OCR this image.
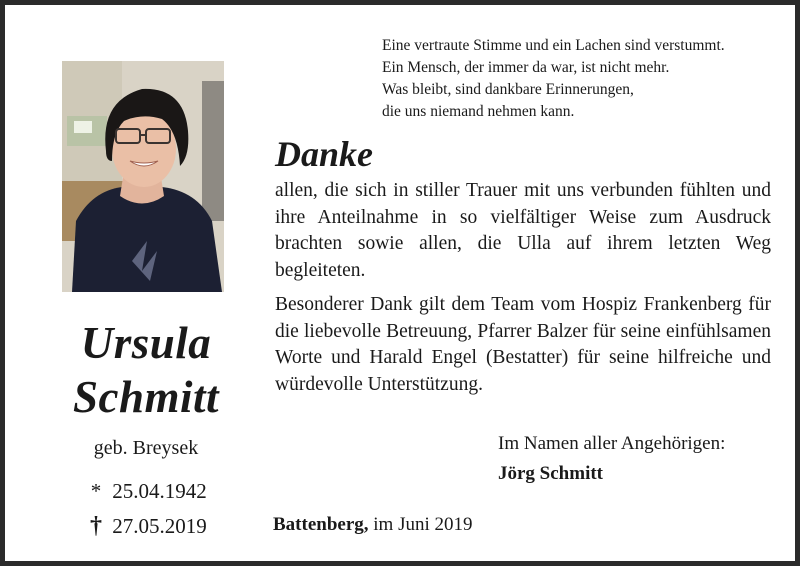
Eine vertraute Stimme und ein Lachen sind verstummt.
Ein Mensch, der immer da war, ist nicht mehr.
Was bleibt, sind dankbare Erinnerungen,
die uns niemand nehmen kann.
Ursula
Schmitt
geb. Breysek
* 25.04.1942
† 27.05.2019
Danke
allen, die sich in stiller Trauer mit uns verbunden fühlten und ihre Anteilnahme in so vielfältiger Weise zum Ausdruck brachten sowie allen, die Ulla auf ihrem letzten Weg begleiteten.
Besonderer Dank gilt dem Team vom Hospiz Frankenberg für die liebevolle Betreuung, Pfarrer Balzer für seine einfühlsamen Worte und Harald Engel (Bestatter) für seine hilfreiche und würdevolle Unterstützung.
Im Namen aller Angehörigen:
Jörg Schmitt
Battenberg, im Juni 2019
